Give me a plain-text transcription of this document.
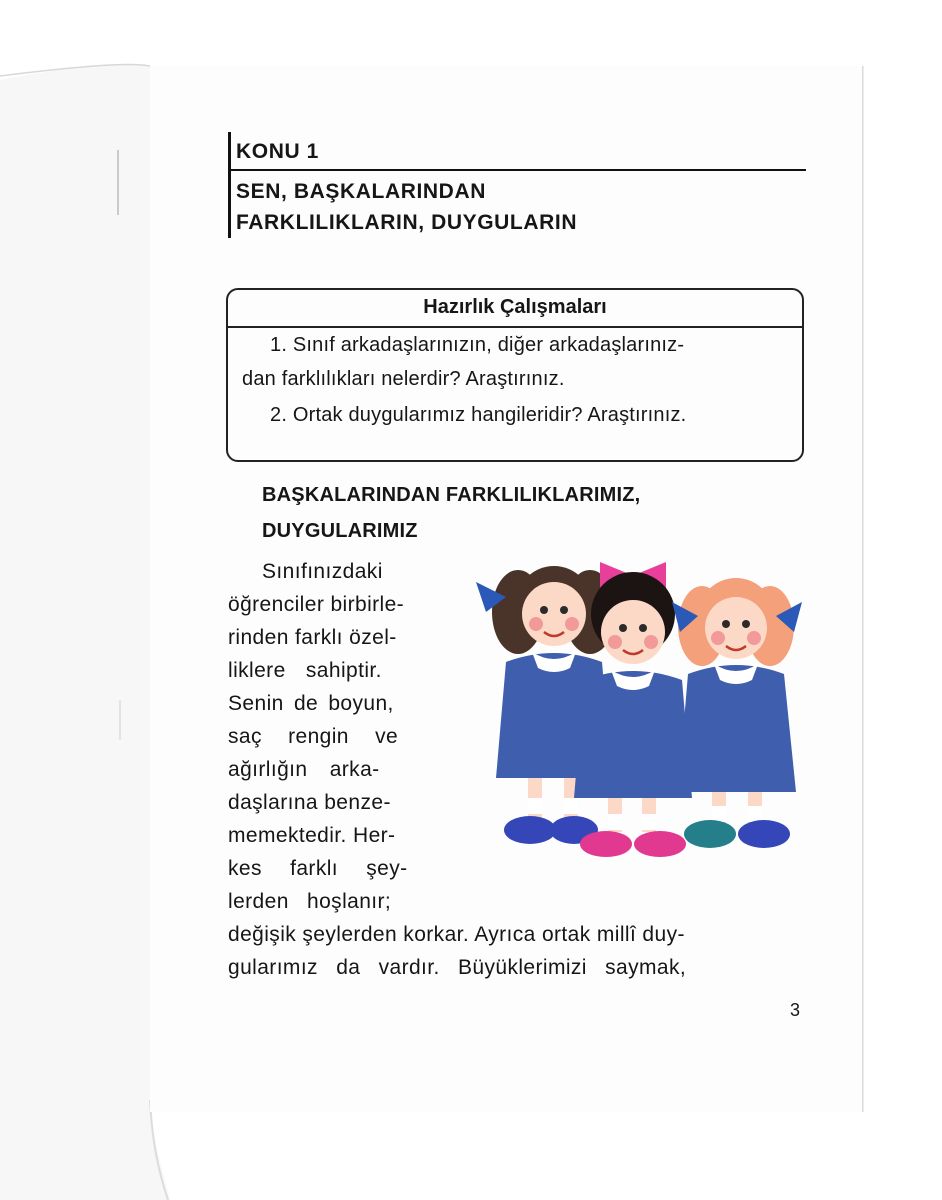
KONU 1
SEN, BAŞKALARINDAN
FARKLILIKLARIN, DUYGULARIN
Hazırlık Çalışmaları
1. Sınıf arkadaşlarınızın, diğer arkadaşlarınız-
dan farklılıkları nelerdir? Araştırınız.
2. Ortak duygularımız hangileridir? Araştırınız.
BAŞKALARINDAN FARKLILIKLARIMIZ,
DUYGULARIMIZ
Sınıfınızdaki
öğrenciler birbirle-
rinden farklı özel-
liklere sahiptir.
Senin de boyun,
saç rengin ve
ağırlığın arka-
daşlarına benze-
memektedir. Her-
kes farklı şey-
lerden hoşlanır;
değişik şeylerden korkar. Ayrıca ortak millî duy-
gularımız da vardır. Büyüklerimizi saymak,
3
